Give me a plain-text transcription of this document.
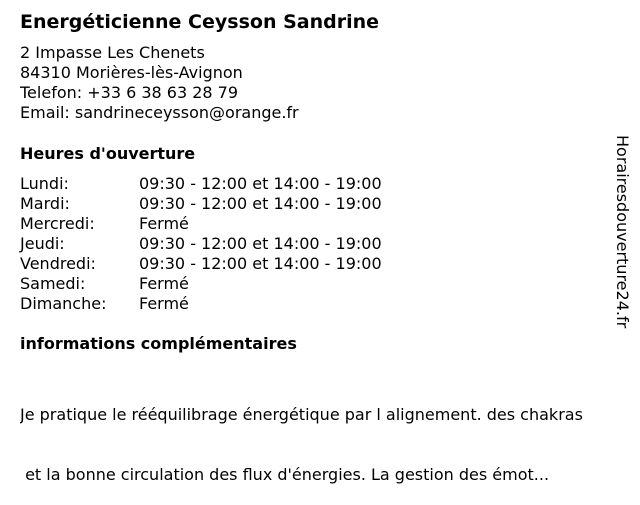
Energéticienne Ceysson Sandrine
2 Impasse Les Chenets
84310 Morières-lès-Avignon
Telefon: +33 6 38 63 28 79
Email: sandrineceysson@orange.fr
Heures d'ouverture
Lundi:	09:30 - 12:00 et 14:00 - 19:00
Mardi:	09:30 - 12:00 et 14:00 - 19:00
Mercredi:	Fermé
Jeudi:	09:30 - 12:00 et 14:00 - 19:00
Vendredi:	09:30 - 12:00 et 14:00 - 19:00
Samedi:	Fermé
Dimanche:	Fermé
informations complémentaires

Je pratique le rééquilibrage énergétique par l alignement. des chakras

et la bonne circulation des flux d'énergies. La gestion des émot...

Horairesdouverture24.fr
